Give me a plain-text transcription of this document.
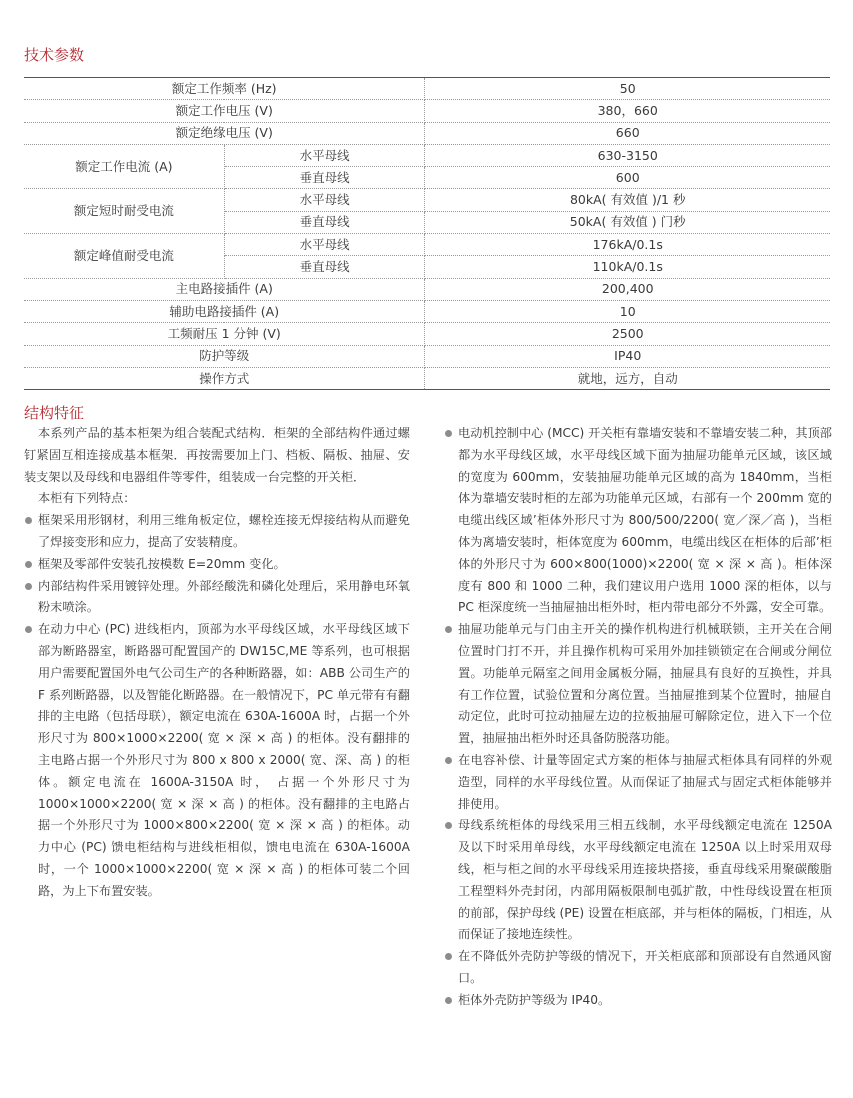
技术参数
额定工作频率 (Hz)		50
额定工作电压 (V)		380，660
额定绝缘电压 (V)		660
额定工作电流 (A)	水平母线	630-3150
	垂直母线	600
额定短时耐受电流	水平母线	80kA( 有效值 )/1 秒
	垂直母线	50kA( 有效值 ) 门秒
额定峰值耐受电流	水平母线	176kA/0.1s
	垂直母线	110kA/0.1s
主电路接插件 (A)		200,400
辅助电路接插件 (A)		10
工频耐压 1 分钟 (V)		2500
防护等级		IP40
操作方式		就地，远方，自动
结构特征

本系列产品的基本柜架为组合装配式结构．柜架的全部结构件通过螺钉紧固互相连接成基本框架．再按需要加上门、档板、隔板、抽屉、安装支架以及母线和电器组件等零件，组装成一台完整的开关柜．

本柜有下列特点：

框架采用形钢材，利用三维角板定位，螺栓连接无焊接结构从而避免了焊接变形和应力，提高了安装精度。
框架及零部件安装孔按模数 E=20mm 变化。
内部结构件采用镀锌处理。外部经酸洗和磷化处理后，采用静电环氧粉末喷涂。
在动力中心 (PC) 进线柜内，顶部为水平母线区域，水平母线区域下部为断路器室，断路器可配置国产的 DW15C,ME 等系列，也可根据用户需要配置国外电气公司生产的各种断路器，如：ABB 公司生产的 F 系列断路器，以及智能化断路器。在一般情况下，PC 单元带有有翻排的主电路（包括母联），额定电流在 630A-1600A 时，占据一个外形尺寸为 800×1000×2200( 宽 × 深 × 高 ) 的柜体。没有翻排的主电路占据一个外形尺寸为 800 x 800 x 2000( 宽、深、高 ) 的柜体。额定电流在 1600A-3150A 时， 占据一个外形尺寸为 1000×1000×2200( 宽 × 深 × 高 ) 的柜体。没有翻排的主电路占据一个外形尺寸为 1000×800×2200( 宽 × 深 × 高 ) 的柜体。动力中心 (PC) 馈电柜结构与进线柜相似，馈电电流在 630A-1600A 时，一个 1000×1000×2200( 宽 × 深 × 高 ) 的柜体可装二个回路，为上下布置安装。
电动机控制中心 (MCC) 开关柜有靠墙安装和不靠墙安装二种，其顶部都为水平母线区域，水平母线区域下面为抽屉功能单元区域，该区域的宽度为 600mm，安装抽屉功能单元区域的高为 1840mm，当柜体为靠墙安装时柜的左部为功能单元区域，右部有一个 200mm 宽的电缆出线区域’柜体外形尺寸为 800/500/2200( 宽／深／高 )，当柜体为离墙安装时，柜体宽度为 600mm，电缆出线区在柜体的后部’柜体的外形尺寸为 600×800(1000)×2200( 宽 × 深 × 高 )。柜体深度有 800 和 1000 二种，我们建议用户选用 1000 深的柜体，以与 PC 柜深度统一当抽屉抽出柜外时，柜内带电部分不外露，安全可靠。
抽屉功能单元与门由主开关的操作机构进行机械联锁，主开关在合闸位置时门打不开，并且操作机构可采用外加挂锁锁定在合闸或分闸位置。功能单元隔室之间用金属板分隔，抽屉具有良好的互换性，并具有工作位置，试验位置和分离位置。当抽屉推到某个位置时，抽屉自动定位，此时可拉动抽屉左边的拉板抽屉可解除定位，进入下一个位置，抽屉抽出柜外时还具备防脱落功能。
在电容补偿、计量等固定式方案的柜体与抽屉式柜体具有同样的外观造型，同样的水平母线位置。从而保证了抽屉式与固定式柜体能够并排使用。
母线系统柜体的母线采用三相五线制，水平母线额定电流在 1250A 及以下时采用单母线，水平母线额定电流在 1250A 以上时采用双母线，柜与柜之间的水平母线采用连接块搭接，垂直母线采用聚碳酸脂工程塑料外壳封闭，内部用隔板限制电弧扩散，中性母线设置在柜顶的前部，保护母线 (PE) 设置在柜底部，并与柜体的隔板，门相连，从而保证了接地连续性。
在不降低外壳防护等级的情况下，开关柜底部和顶部设有自然通风窗口。
柜体外壳防护等级为 IP40。
